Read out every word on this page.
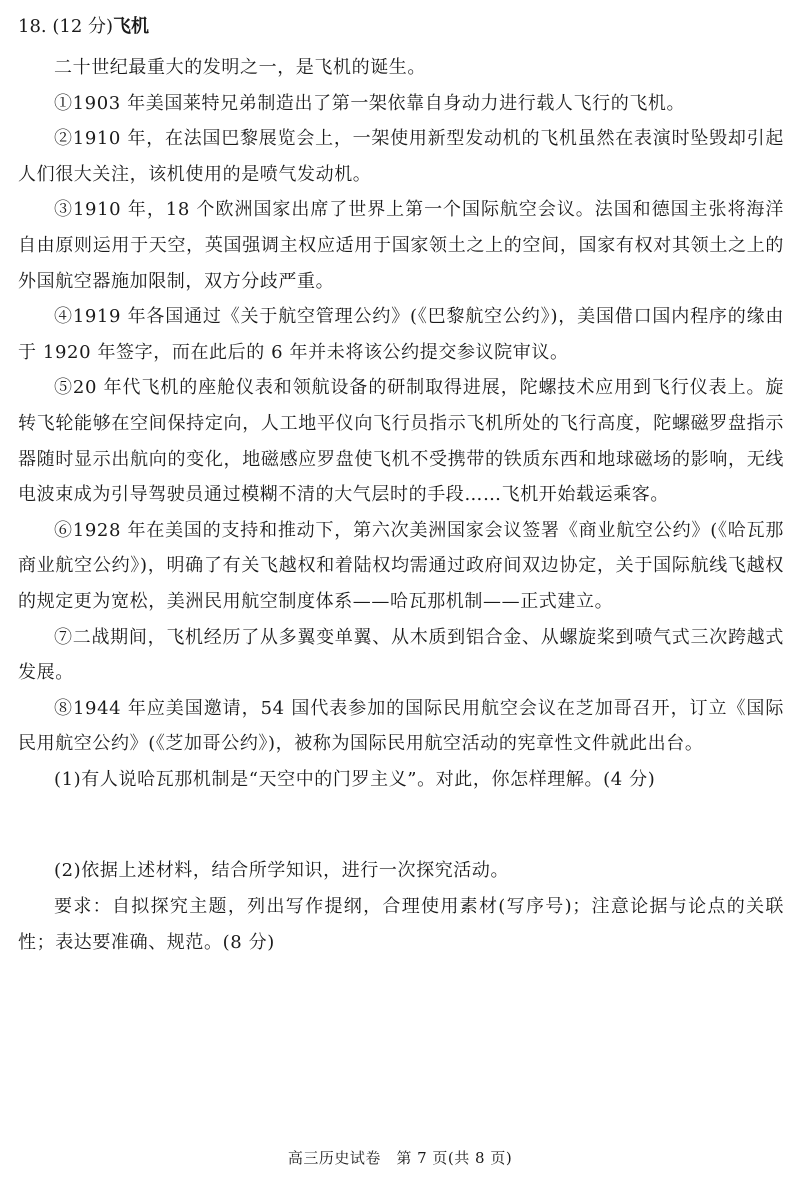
18. (12 分)飞机

二十世纪最重大的发明之一，是飞机的诞生。

①1903 年美国莱特兄弟制造出了第一架依靠自身动力进行载人飞行的飞机。

②1910 年，在法国巴黎展览会上，一架使用新型发动机的飞机虽然在表演时坠毁却引起人们很大关注，该机使用的是喷气发动机。

③1910 年，18 个欧洲国家出席了世界上第一个国际航空会议。法国和德国主张将海洋自由原则运用于天空，英国强调主权应适用于国家领土之上的空间，国家有权对其领土之上的外国航空器施加限制，双方分歧严重。

④1919 年各国通过《关于航空管理公约》(《巴黎航空公约》)，美国借口国内程序的缘由于 1920 年签字，而在此后的 6 年并未将该公约提交参议院审议。

⑤20 年代飞机的座舱仪表和领航设备的研制取得进展，陀螺技术应用到飞行仪表上。旋转飞轮能够在空间保持定向，人工地平仪向飞行员指示飞机所处的飞行高度，陀螺磁罗盘指示器随时显示出航向的变化，地磁感应罗盘使飞机不受携带的铁质东西和地球磁场的影响，无线电波束成为引导驾驶员通过模糊不清的大气层时的手段……飞机开始载运乘客。

⑥1928 年在美国的支持和推动下，第六次美洲国家会议签署《商业航空公约》(《哈瓦那商业航空公约》)，明确了有关飞越权和着陆权均需通过政府间双边协定，关于国际航线飞越权的规定更为宽松，美洲民用航空制度体系——哈瓦那机制——正式建立。

⑦二战期间，飞机经历了从多翼变单翼、从木质到铝合金、从螺旋桨到喷气式三次跨越式发展。

⑧1944 年应美国邀请，54 国代表参加的国际民用航空会议在芝加哥召开，订立《国际民用航空公约》(《芝加哥公约》)，被称为国际民用航空活动的宪章性文件就此出台。

(1)有人说哈瓦那机制是“天空中的门罗主义”。对此，你怎样理解。(4 分)

(2)依据上述材料，结合所学知识，进行一次探究活动。

要求：自拟探究主题，列出写作提纲，合理使用素材(写序号)；注意论据与论点的关联性；表达要准确、规范。(8 分)

高三历史试卷　第 7 页(共 8 页)
